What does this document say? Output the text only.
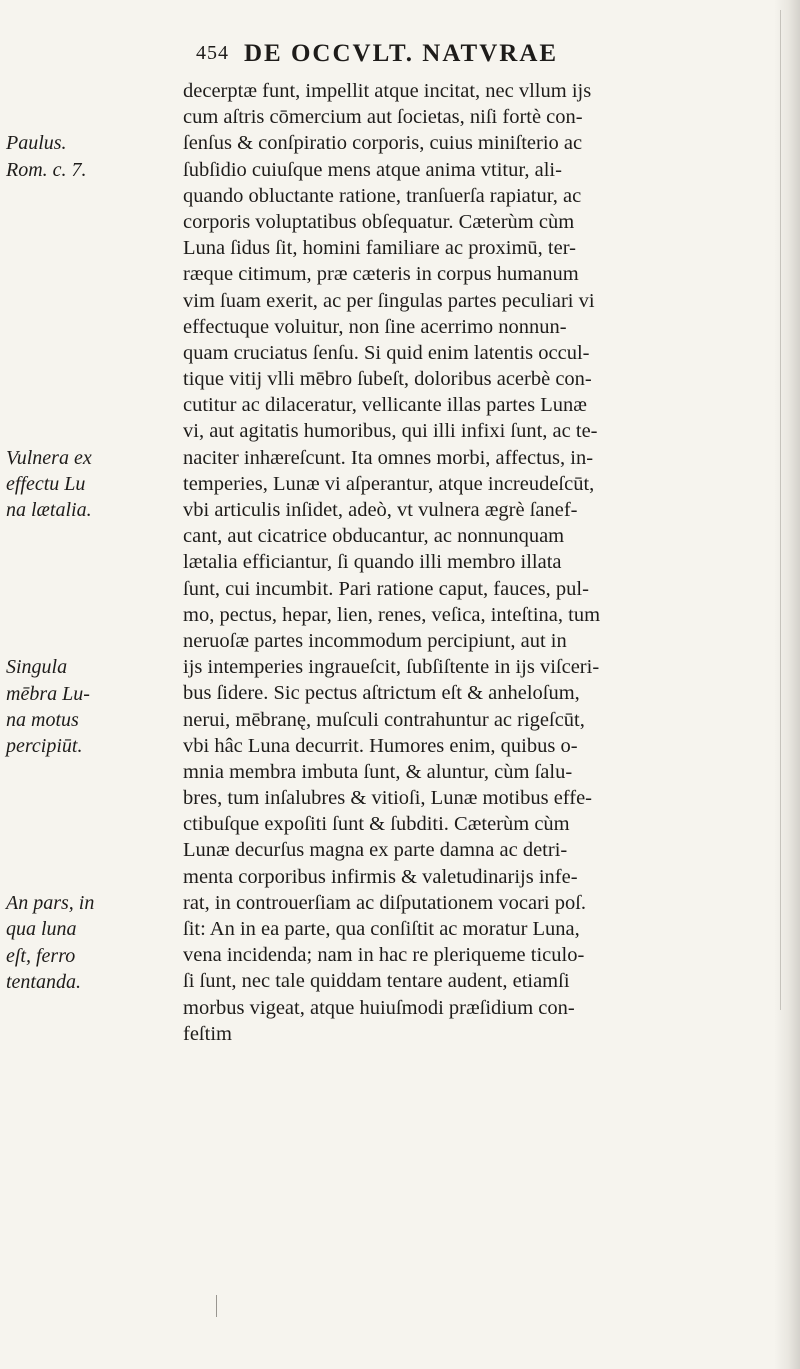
454 DE OCCVLT. NATVRAE
decerptæ funt, impellit atque incitat, nec vllum ijs
cum aſtris cōmercium aut ſocietas, niſi fortè con-
ſenſus & conſpiratio corporis, cuius miniſterio ac
ſubſidio cuiuſque mens atque anima vtitur, ali-
quando obluctante ratione, tranſuerſa rapiatur, ac
corporis voluptatibus obſequatur. Cæterùm cùm
Luna ſidus ſit, homini familiare ac proximū, ter-
ræque citimum, præ cæteris in corpus humanum
vim ſuam exerit, ac per ſingulas partes peculiari vi
effectuque voluitur, non ſine acerrimo nonnun-
quam cruciatus ſenſu. Si quid enim latentis occul-
tique vitij vlli mēbro ſubeſt, doloribus acerbè con-
cutitur ac dilaceratur, vellicante illas partes Lunæ
vi, aut agitatis humoribus, qui illi infixi ſunt, ac te-
naciter inhæreſcunt. Ita omnes morbi, affectus, in-
temperies, Lunæ vi aſperantur, atque increudeſcūt,
vbi articulis inſidet, adeò, vt vulnera ægrè ſanef-
cant, aut cicatrice obducantur, ac nonnunquam
lætalia efficiantur, ſi quando illi membro illata
ſunt, cui incumbit. Pari ratione caput, fauces, pul-
mo, pectus, hepar, lien, renes, veſica, inteſtina, tum
neruoſæ partes incommodum percipiunt, aut in
ijs intemperies ingraueſcit, ſubſiſtente in ijs viſceri-
bus ſidere. Sic pectus aſtrictum eſt & anheloſum,
nerui, mēbranę, muſculi contrahuntur ac rigeſcūt,
vbi hâc Luna decurrit. Humores enim, quibus o-
mnia membra imbuta ſunt, & aluntur, cùm ſalu-
bres, tum inſalubres & vitioſi, Lunæ motibus effe-
ctibuſque expoſiti ſunt & ſubditi. Cæterùm cùm
Lunæ decurſus magna ex parte damna ac detri-
menta corporibus infirmis & valetudinarijs infe-
rat, in controuerſiam ac diſputationem vocari poſ.
ſit: An in ea parte, qua conſiſtit ac moratur Luna,
vena incidenda; nam in hac re pleriqueme ticulo-
ſi ſunt, nec tale quiddam tentare audent, etiamſi
morbus vigeat, atque huiuſmodi præſidium con-
feſtim
Paulus.
Rom. c. 7.
Vulnera ex
effectu Lu
na lætalia.
Singula
mēbra Lu-
na motus
percipiūt.
An pars, in
qua luna
eſt, ferro
tentanda.
